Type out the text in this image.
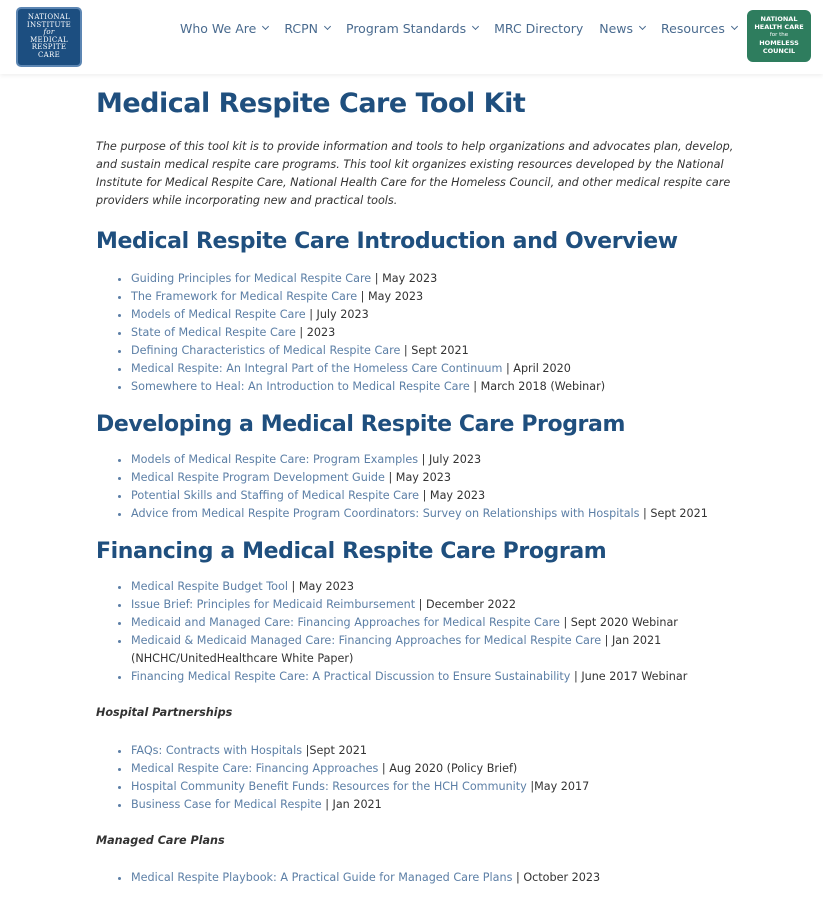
NATIONAL
INSTITUTE
for
MEDICAL
RESPITE
CARE
Who We Are RCPN Program Standards MRC Directory News Resources
NATIONAL
HEALTH CARE
for the
HOMELESS
COUNCIL
Medical Respite Care Tool Kit

The purpose of this tool kit is to provide information and tools to help organizations and advocates plan, develop, and sustain medical respite care programs. This tool kit organizes existing resources developed by the National Institute for Medical Respite Care, National Health Care for the Homeless Council, and other medical respite care providers while incorporating new and practical tools.

Medical Respite Care Introduction and Overview
• Guiding Principles for Medical Respite Care | May 2023
• The Framework for Medical Respite Care | May 2023
• Models of Medical Respite Care | July 2023
• State of Medical Respite Care | 2023
• Defining Characteristics of Medical Respite Care | Sept 2021
• Medical Respite: An Integral Part of the Homeless Care Continuum | April 2020
• Somewhere to Heal: An Introduction to Medical Respite Care | March 2018 (Webinar)
Developing a Medical Respite Care Program
• Models of Medical Respite Care: Program Examples | July 2023
• Medical Respite Program Development Guide | May 2023
• Potential Skills and Staffing of Medical Respite Care | May 2023
• Advice from Medical Respite Program Coordinators: Survey on Relationships with Hospitals | Sept 2021
Financing a Medical Respite Care Program
• Medical Respite Budget Tool | May 2023
• Issue Brief: Principles for Medicaid Reimbursement | December 2022
• Medicaid and Managed Care: Financing Approaches for Medical Respite Care | Sept 2020 Webinar
• Medicaid & Medicaid Managed Care: Financing Approaches for Medical Respite Care | Jan 2021 (NHCHC/UnitedHealthcare White Paper)
• Financing Medical Respite Care: A Practical Discussion to Ensure Sustainability | June 2017 Webinar

Hospital Partnerships

• FAQs: Contracts with Hospitals |Sept 2021
• Medical Respite Care: Financing Approaches | Aug 2020 (Policy Brief)
• Hospital Community Benefit Funds: Resources for the HCH Community |May 2017
• Business Case for Medical Respite | Jan 2021

Managed Care Plans

• Medical Respite Playbook: A Practical Guide for Managed Care Plans | October 2023
